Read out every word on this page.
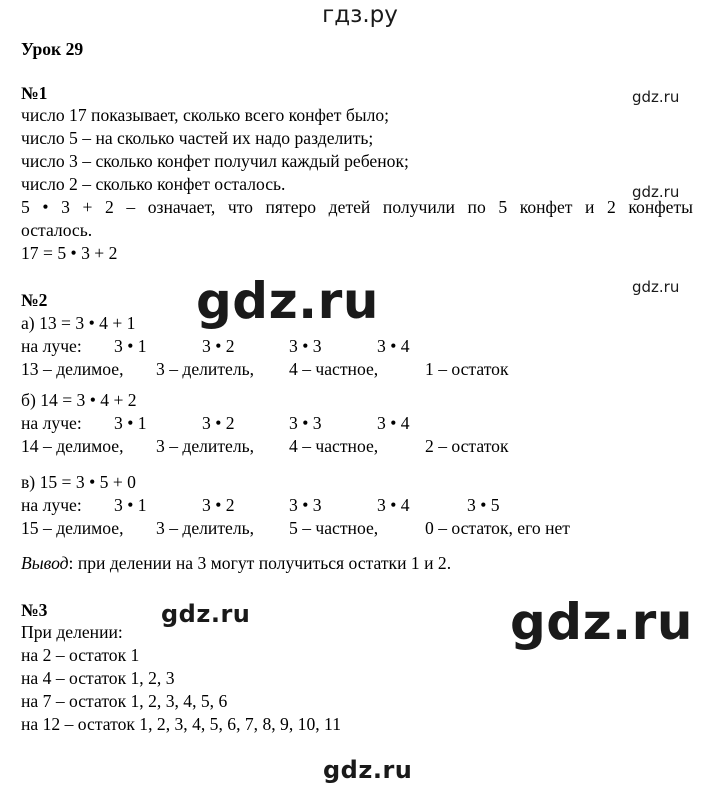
гдз.ру
gdz.ru
gdz.ru
gdz.ru
gdz.ru
gdz.ru
gdz.ru
gdz.ru
Урок 29
№1
число 17 показывает, сколько всего конфет было;
число 5 – на сколько частей их надо разделить;
число 3 – сколько конфет получил каждый ребенок;
число 2 – сколько конфет осталось.
5 • 3 + 2 – означает, что пятеро детей получили по 5 конфет и 2 конфеты
осталось.
17 = 5 • 3 + 2
№2
а) 13 = 3 • 4 + 1
на луче: 3 • 1	3 • 2	3 • 3	3 • 4
13 – делимое, 3 – делитель, 4 – частное,	1 – остаток
б) 14 = 3 • 4 + 2
на луче: 3 • 1	3 • 2	3 • 3	3 • 4
14 – делимое, 3 – делитель, 4 – частное,	2 – остаток
в) 15 = 3 • 5 + 0
на луче: 3 • 1	3 • 2	3 • 3	3 • 4	3 • 5
15 – делимое, 3 – делитель, 5 – частное,	0 – остаток, его нет
Вывод: при делении на 3 могут получиться остатки 1 и 2.
№3
При делении:
на 2 – остаток 1
на 4 – остаток 1, 2, 3
на 7 – остаток 1, 2, 3, 4, 5, 6
на 12 – остаток 1, 2, 3, 4, 5, 6, 7, 8, 9, 10, 11
